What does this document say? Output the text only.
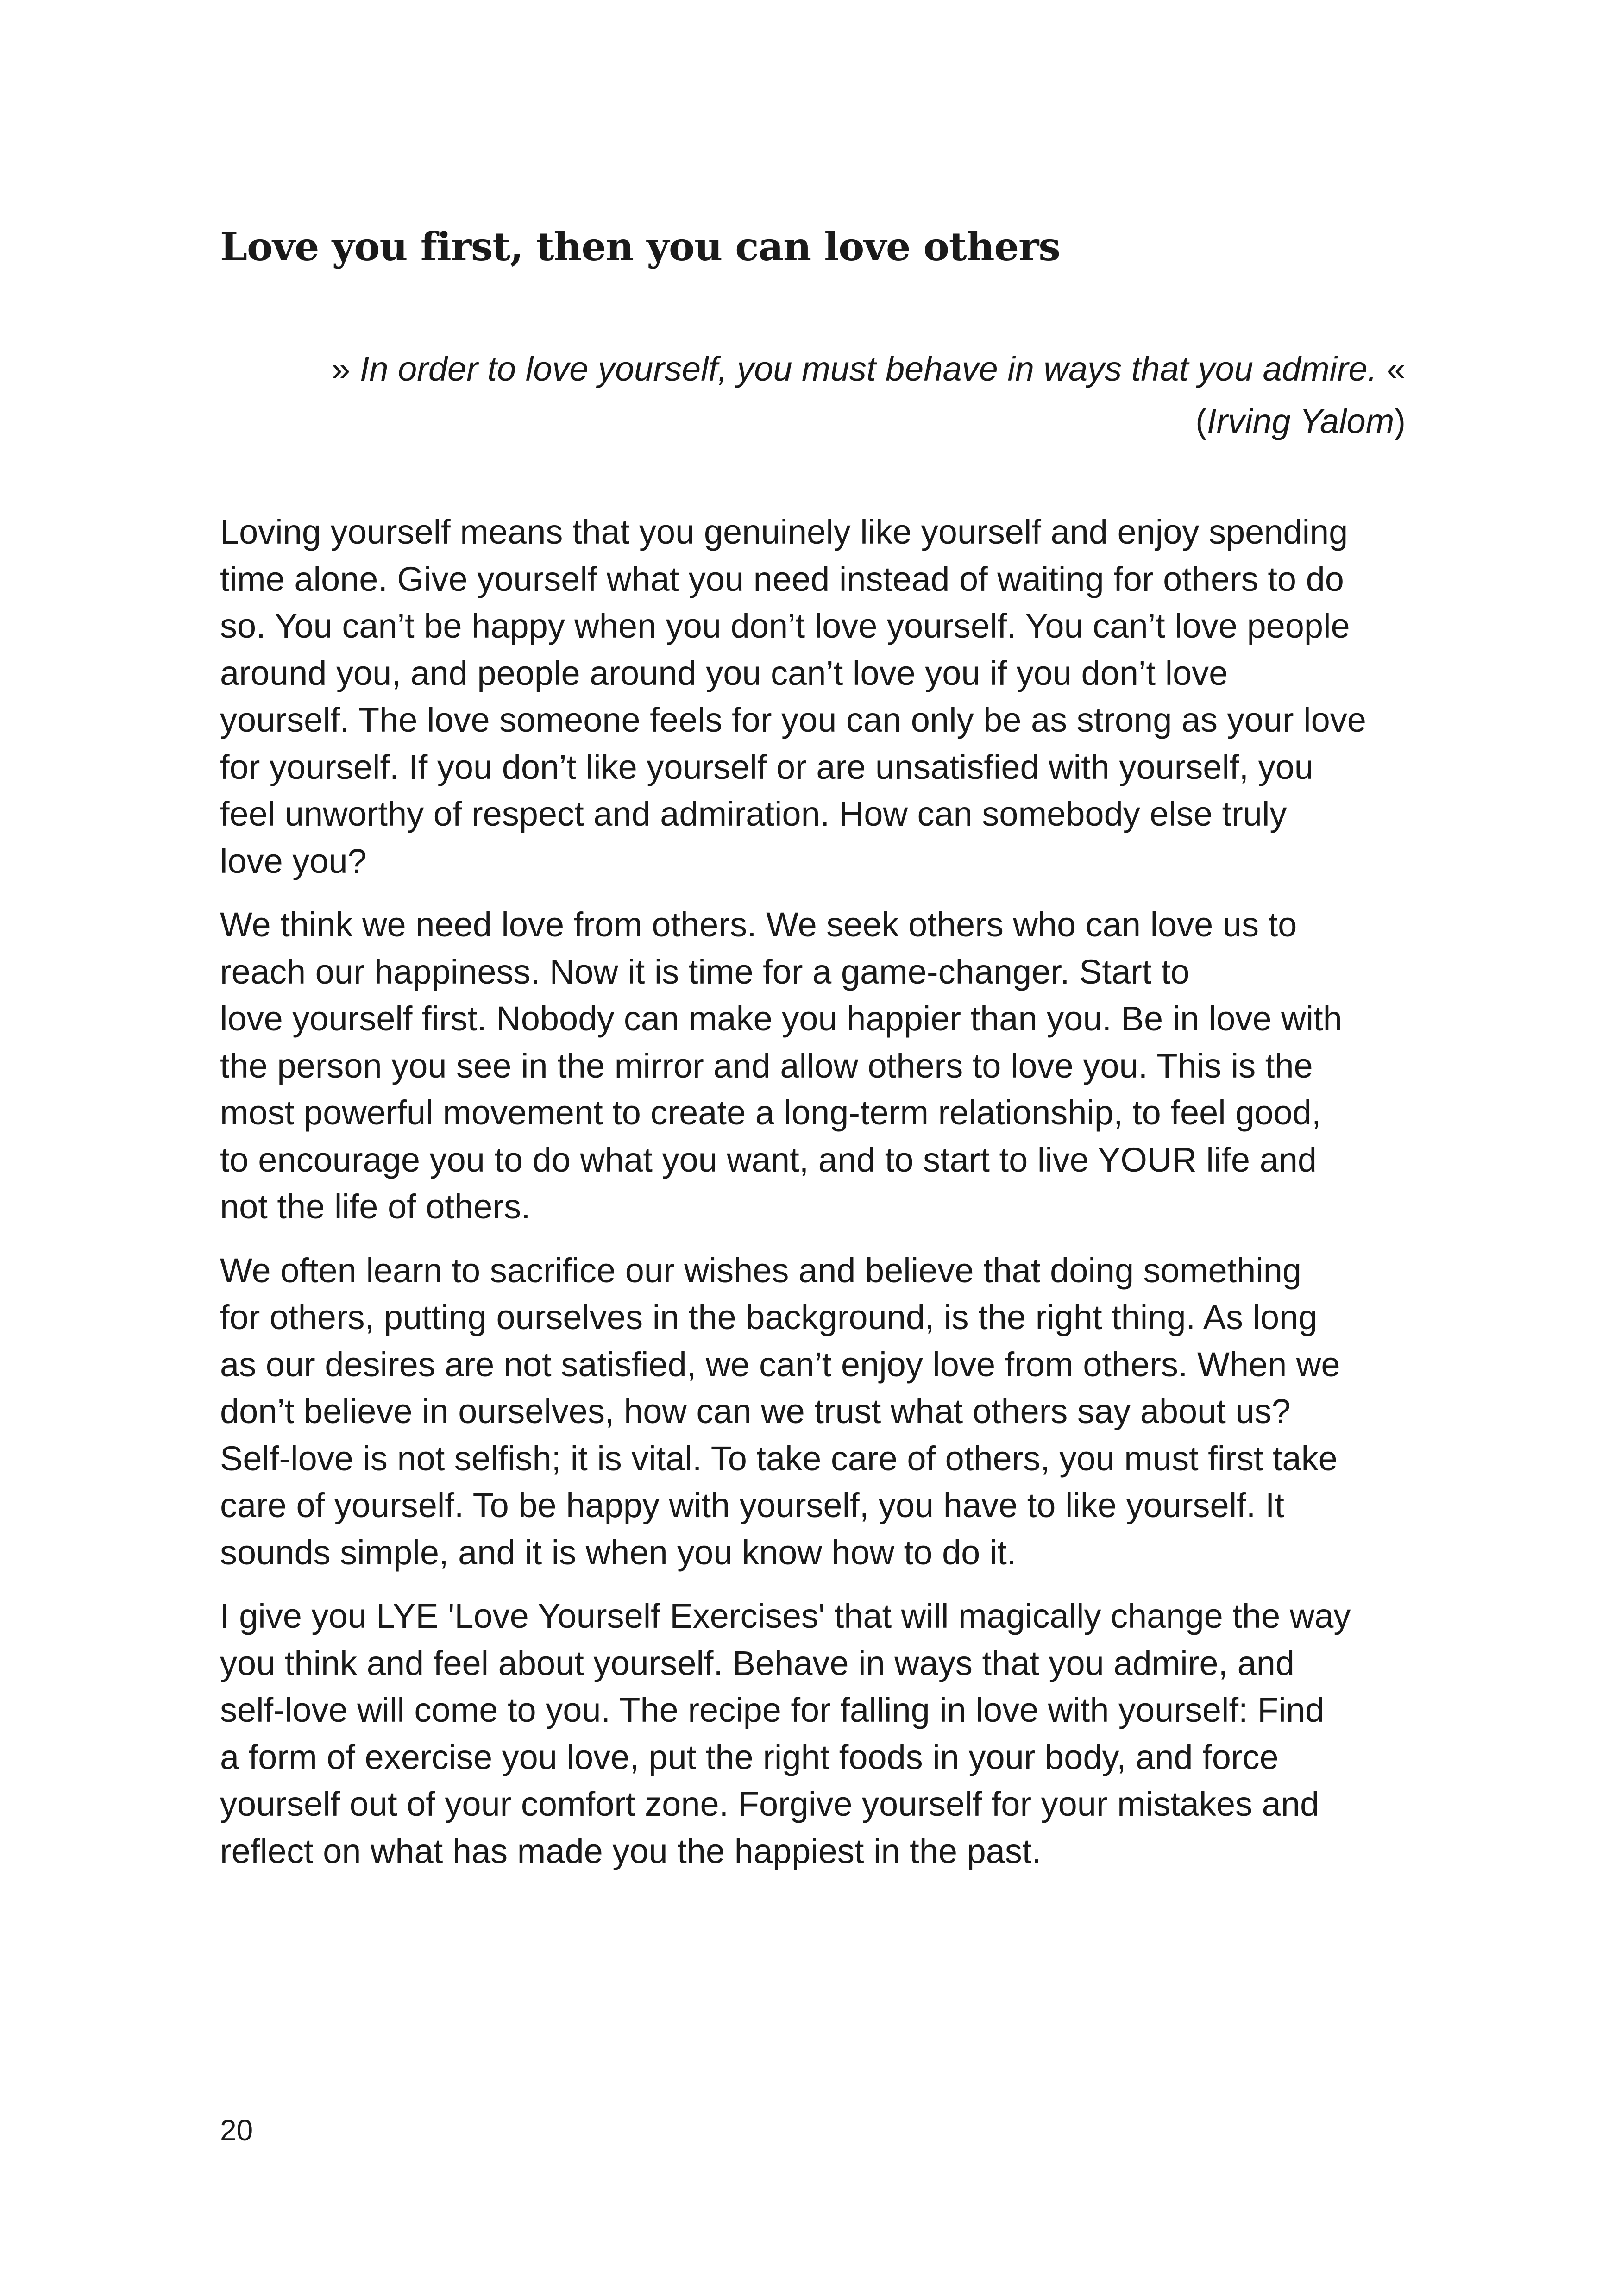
Love you first, then you can love others
» In order to love yourself, you must behave in ways that you admire. «
(Irving Yalom)

Loving yourself means that you genuinely like yourself and enjoy spending
time alone. Give yourself what you need instead of waiting for others to do
so. You can’t be happy when you don’t love yourself. You can’t love people
around you, and people around you can’t love you if you don’t love
yourself. The love someone feels for you can only be as strong as your love
for yourself. If you don’t like yourself or are unsatisfied with yourself, you
feel unworthy of respect and admiration. How can somebody else truly
love you?

We think we need love from others. We seek others who can love us to
reach our happiness. Now it is time for a game-changer. Start to
love yourself first. Nobody can make you happier than you. Be in love with
the person you see in the mirror and allow others to love you. This is the
most powerful movement to create a long-term relationship, to feel good,
to encourage you to do what you want, and to start to live YOUR life and
not the life of others.

We often learn to sacrifice our wishes and believe that doing something
for others, putting ourselves in the background, is the right thing. As long
as our desires are not satisfied, we can’t enjoy love from others. When we
don’t believe in ourselves, how can we trust what others say about us?
Self-love is not selfish; it is vital. To take care of others, you must first take
care of yourself. To be happy with yourself, you have to like yourself. It
sounds simple, and it is when you know how to do it.

I give you LYE 'Love Yourself Exercises' that will magically change the way
you think and feel about yourself. Behave in ways that you admire, and
self-love will come to you. The recipe for falling in love with yourself: Find
a form of exercise you love, put the right foods in your body, and force
yourself out of your comfort zone. Forgive yourself for your mistakes and
reflect on what has made you the happiest in the past.

20
